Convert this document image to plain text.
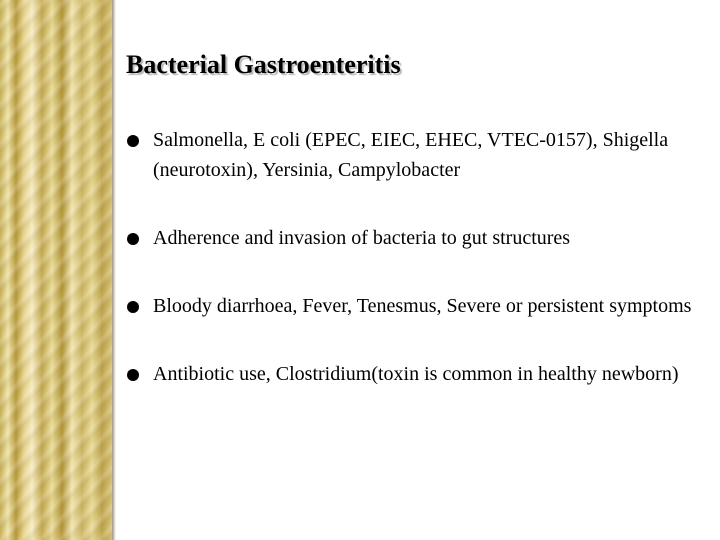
Bacterial Gastroenteritis
Salmonella, E coli (EPEC, EIEC, EHEC, VTEC-0157), Shigella (neurotoxin), Yersinia, Campylobacter
Adherence and invasion of bacteria to gut structures
Bloody diarrhoea, Fever, Tenesmus, Severe or persistent symptoms
Antibiotic use, Clostridium(toxin is common in healthy newborn)
